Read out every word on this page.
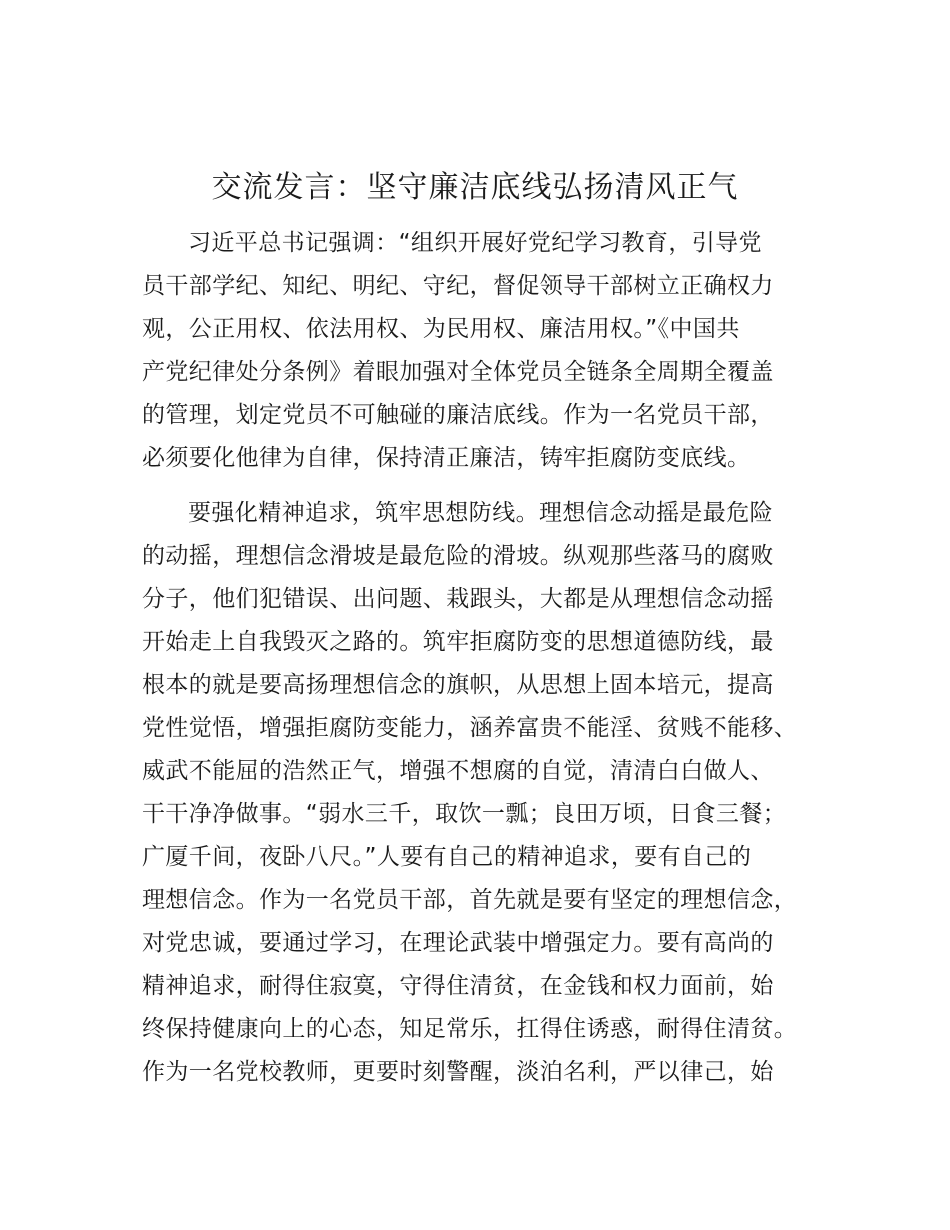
交流发言：坚守廉洁底线弘扬清风正气
习近平总书记强调：“组织开展好党纪学习教育，引导党
员干部学纪、知纪、明纪、守纪，督促领导干部树立正确权力
观，公正用权、依法用权、为民用权、廉洁用权。”《中国共
产党纪律处分条例》着眼加强对全体党员全链条全周期全覆盖
的管理，划定党员不可触碰的廉洁底线。作为一名党员干部，
必须要化他律为自律，保持清正廉洁，铸牢拒腐防变底线。
要强化精神追求，筑牢思想防线。理想信念动摇是最危险
的动摇，理想信念滑坡是最危险的滑坡。纵观那些落马的腐败
分子，他们犯错误、出问题、栽跟头，大都是从理想信念动摇
开始走上自我毁灭之路的。筑牢拒腐防变的思想道德防线，最
根本的就是要高扬理想信念的旗帜，从思想上固本培元，提高
党性觉悟，增强拒腐防变能力，涵养富贵不能淫、贫贱不能移、
威武不能屈的浩然正气，增强不想腐的自觉，清清白白做人、
干干净净做事。“弱水三千，取饮一瓢；良田万顷，日食三餐；
广厦千间，夜卧八尺。”人要有自己的精神追求，要有自己的
理想信念。作为一名党员干部，首先就是要有坚定的理想信念，
对党忠诚，要通过学习，在理论武装中增强定力。要有高尚的
精神追求，耐得住寂寞，守得住清贫，在金钱和权力面前，始
终保持健康向上的心态，知足常乐，扛得住诱惑，耐得住清贫。
作为一名党校教师，更要时刻警醒，淡泊名利，严以律己，始
